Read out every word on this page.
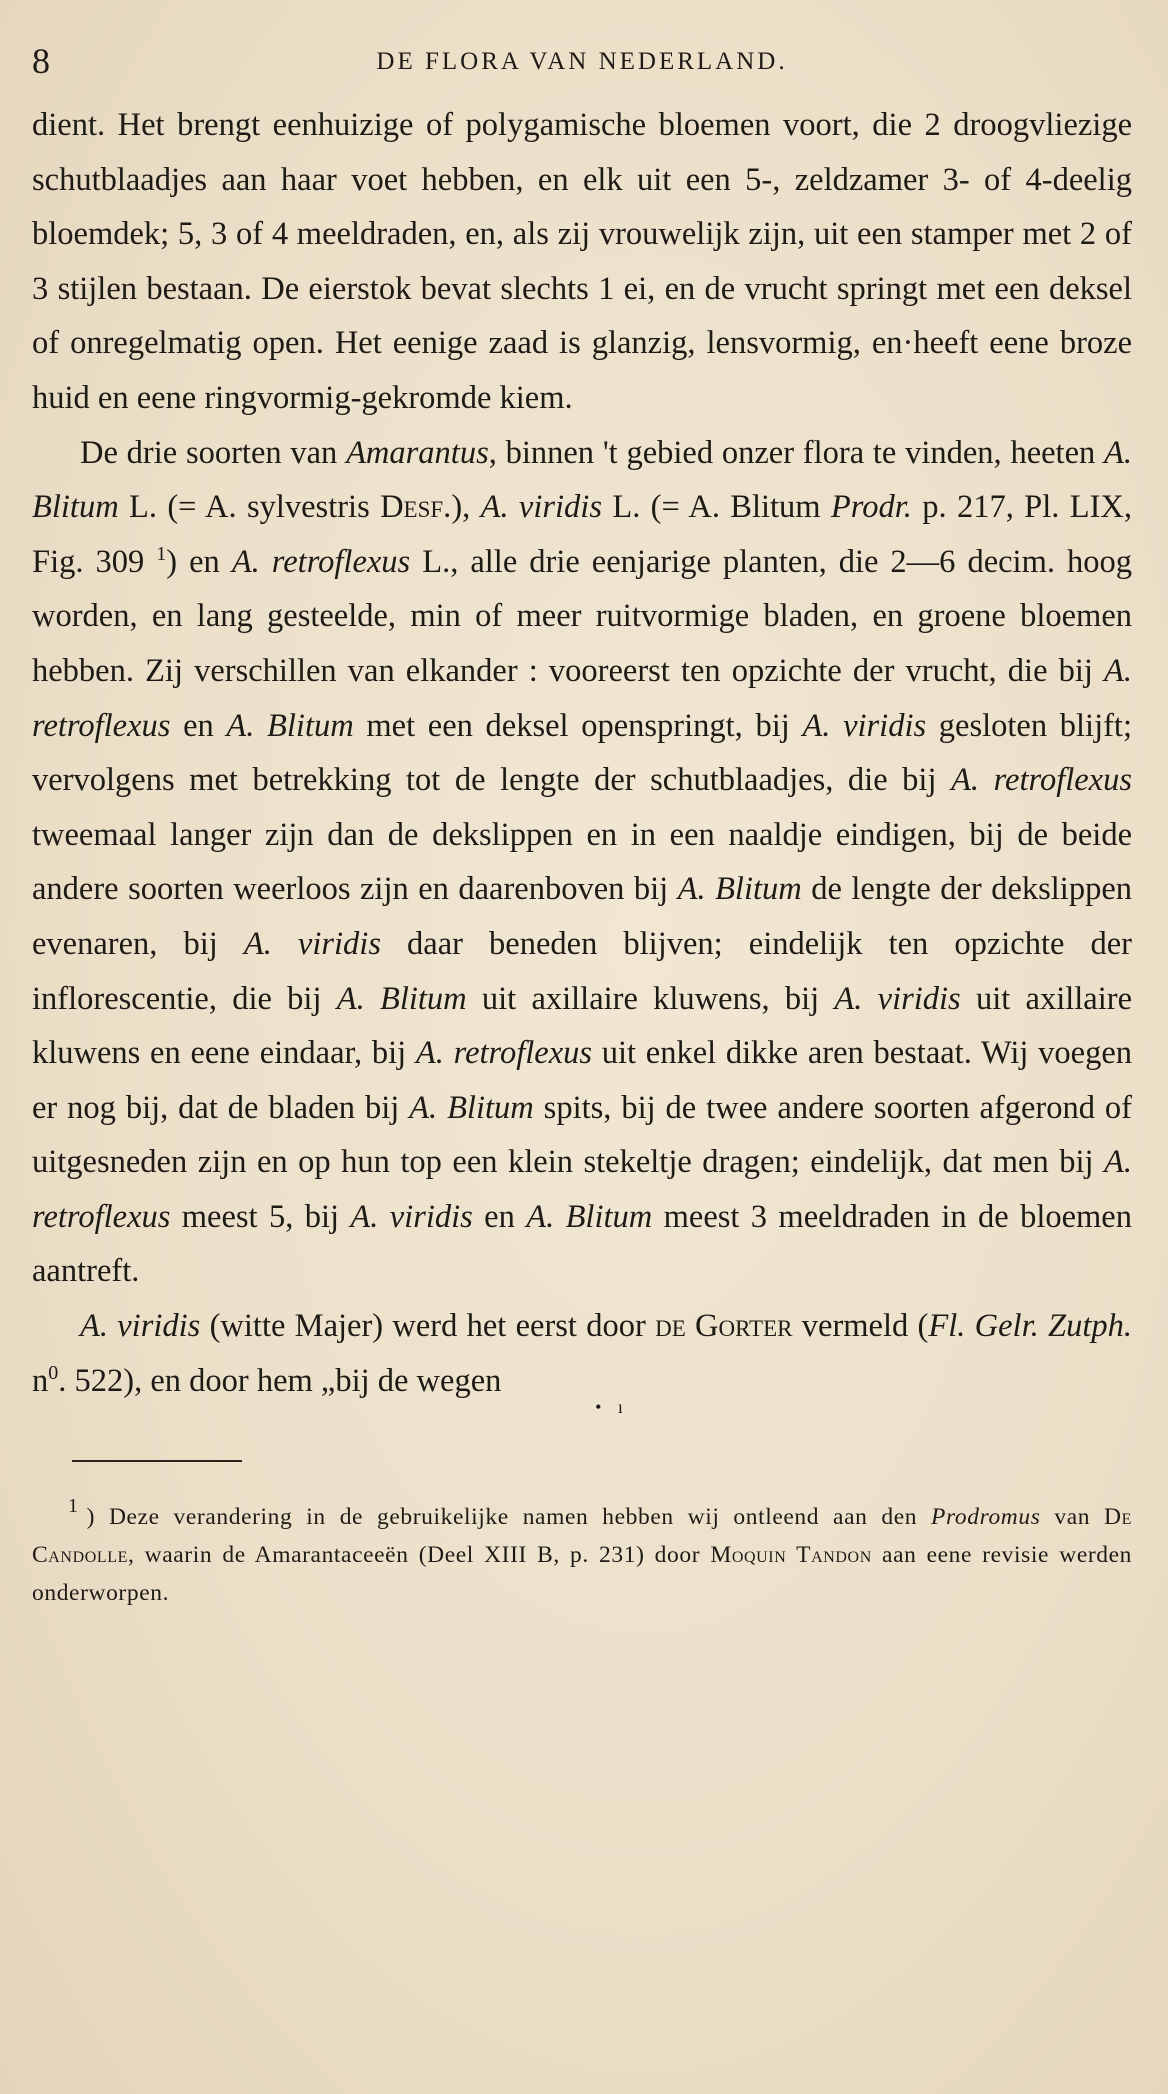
8	DE FLORA VAN NEDERLAND.

dient. Het brengt eenhuizige of polygamische bloemen voort, die 2 droogvliezige schutblaadjes aan haar voet hebben, en elk uit een 5-, zeldzamer 3- of 4-deelig bloemdek; 5, 3 of 4 meeldraden, en, als zij vrouwelijk zijn, uit een stamper met 2 of 3 stijlen bestaan. De eierstok bevat slechts 1 ei, en de vrucht springt met een deksel of onregelmatig open. Het eenige zaad is glanzig, lensvormig, en·heeft eene broze huid en eene ringvormig-gekromde kiem.

De drie soorten van Amarantus, binnen 't gebied onzer flora te vinden, heeten A. Blitum L. (= A. sylvestris Desf.), A. viridis L. (= A. Blitum Prodr. p. 217, Pl. LIX, Fig. 309 $^1$) en A. retroflexus L., alle drie eenjarige planten, die 2—6 decim. hoog worden, en lang gesteelde, min of meer ruitvormige bladen, en groene bloemen hebben. Zij verschillen van elkander : vooreerst ten opzichte der vrucht, die bij A. retroflexus en A. Blitum met een deksel openspringt, bij A. viridis gesloten blijft; vervolgens met betrekking tot de lengte der schutblaadjes, die bij A. retroflexus tweemaal langer zijn dan de dekslippen en in een naaldje eindigen, bij de beide andere soorten weerloos zijn en daarenboven bij A. Blitum de lengte der dekslippen evenaren, bij A. viridis daar beneden blijven; eindelijk ten opzichte der inflorescentie, die bij A. Blitum uit axillaire kluwens, bij A. viridis uit axillaire kluwens en eene eindaar, bij A. retroflexus uit enkel dikke aren bestaat. Wij voegen er nog bij, dat de bladen bij A. Blitum spits, bij de twee andere soorten afgerond of uitgesneden zijn en op hun top een klein stekeltje dragen; eindelijk, dat men bij A. retroflexus meest 5, bij A. viridis en A. Blitum meest 3 meeldraden in de bloemen aantreft.

A. viridis (witte Majer) werd het eerst door de Gorter vermeld (Fl. Gelr. Zutph. $n^0$. 522), en door hem „bij de wegen

• ı
$^1$ ) Deze verandering in de gebruikelijke namen hebben wij ontleend aan den Prodromus van De Candolle, waarin de Amarantaceeën (Deel XIII B, p. 231) door Moquin Tandon aan eene revisie werden onderworpen.
